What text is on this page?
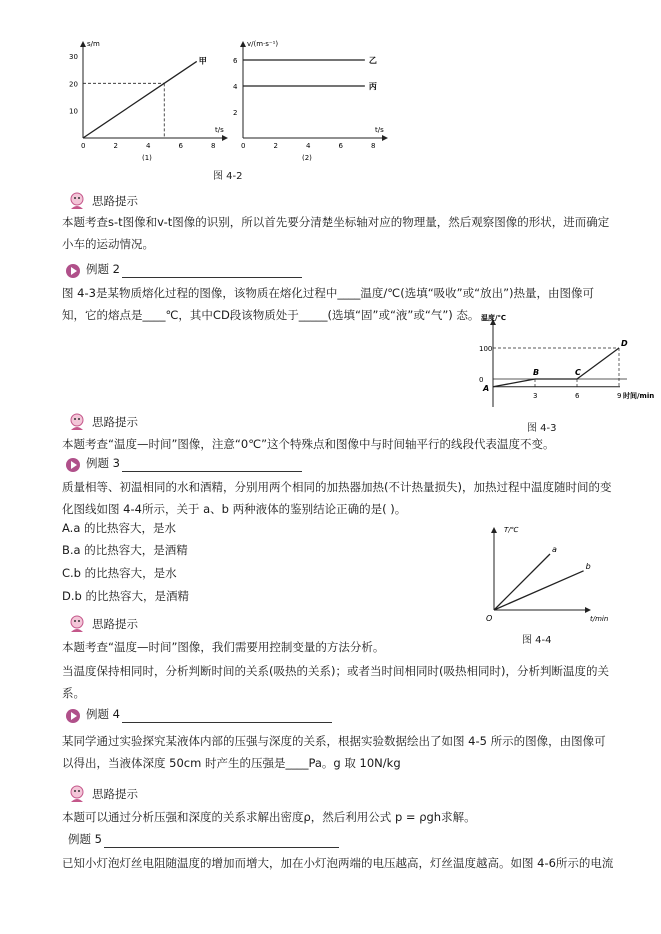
s/m
t/s
0	2	4	6	8
10
20
30	甲
(1)
v/(m·s⁻¹)
t/s
0	2	4	6	8
2
4
6	乙
丙
(2)
图 4-2
思路提示
本题考查s-t图像和v-t图像的识别，所以首先要分清楚坐标轴对应的物理量，然后观察图像的形状，进而确定小车的运动情况。
例题 2
图 4-3是某物质熔化过程的图像，该物质在熔化过程中____温度/℃(选填“吸收”或“放出”)热量，由图像可知，它的熔点是____℃，其中CD段该物质处于_____(选填“固”或“液”或“气”) 态。 温度/℃
时间/min
0
100
3	6	9
A
B	C
D
图 4-3
思路提示
本题考查“温度—时间”图像，注意“0℃”这个特殊点和图像中与时间轴平行的线段代表温度不变。
例题 3
质量相等、初温相同的水和酒精，分别用两个相同的加热器加热(不计热量损失)，加热过程中温度随时间的变化图线如图 4-4所示，关于 a、b 两种液体的鉴别结论正确的是( )。
A.a 的比热容大，是水
B.a 的比热容大，是酒精
C.b 的比热容大，是水
D.b 的比热容大，是酒精
T/℃
t/min
O
a
b
图 4-4
思路提示
本题考查“温度—时间”图像，我们需要用控制变量的方法分析。
当温度保持相同时，分析判断时间的关系(吸热的关系)；或者当时间相同时(吸热相同时)，分析判断温度的关系。
例题 4
某同学通过实验探究某液体内部的压强与深度的关系，根据实验数据绘出了如图 4-5 所示的图像，由图像可以得出，当液体深度 50cm 时产生的压强是____Pa。g 取 10N/kg
思路提示
本题可以通过分析压强和深度的关系求解出密度ρ，然后利用公式 p = ρgh求解。
例题 5
已知小灯泡灯丝电阻随温度的增加而增大，加在小灯泡两端的电压越高，灯丝温度越高。如图 4-6所示的电流
